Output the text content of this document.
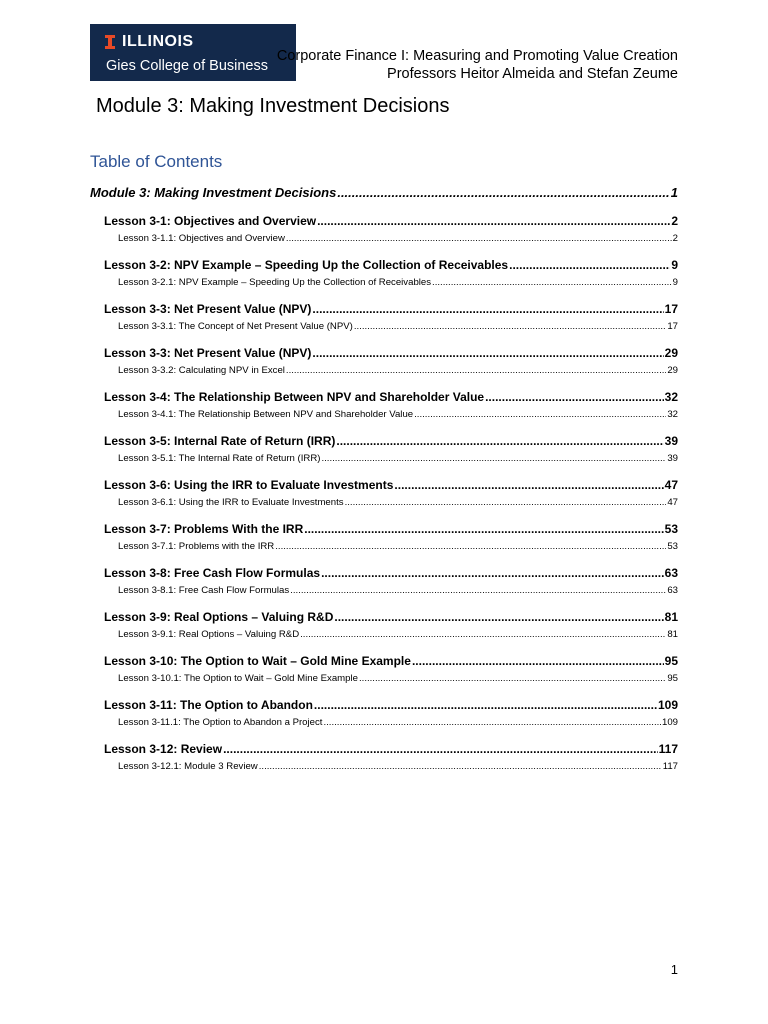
ILLINOIS
Gies College of Business
Corporate Finance I: Measuring and Promoting Value Creation
Professors Heitor Almeida and Stefan Zeume
Module 3: Making Investment Decisions
Table of Contents
Module 3: Making Investment Decisions .....	1
Lesson 3-1: Objectives and Overview .....	2
Lesson 3-1.1: Objectives and Overview .....	2
Lesson 3-2: NPV Example – Speeding Up the Collection of Receivables .....	9
Lesson 3-2.1: NPV Example – Speeding Up the Collection of Receivables .....	9
Lesson 3-3: Net Present Value (NPV) .....	17
Lesson 3-3.1: The Concept of Net Present Value (NPV) .....	17
Lesson 3-3: Net Present Value (NPV) .....	29
Lesson 3-3.2: Calculating NPV in Excel .....	29
Lesson 3-4: The Relationship Between NPV and Shareholder Value .....	32
Lesson 3-4.1: The Relationship Between NPV and Shareholder Value .....	32
Lesson 3-5: Internal Rate of Return (IRR) .....	39
Lesson 3-5.1: The Internal Rate of Return (IRR) .....	39
Lesson 3-6: Using the IRR to Evaluate Investments .....	47
Lesson 3-6.1: Using the IRR to Evaluate Investments .....	47
Lesson 3-7: Problems With the IRR .....	53
Lesson 3-7.1: Problems with the IRR .....	53
Lesson 3-8: Free Cash Flow Formulas .....	63
Lesson 3-8.1: Free Cash Flow Formulas .....	63
Lesson 3-9: Real Options – Valuing R&D .....	81
Lesson 3-9.1: Real Options – Valuing R&D .....	81
Lesson 3-10: The Option to Wait – Gold Mine Example .....	95
Lesson 3-10.1: The Option to Wait – Gold Mine Example .....	95
Lesson 3-11: The Option to Abandon .....	109
Lesson 3-11.1: The Option to Abandon a Project .....	109
Lesson 3-12: Review .....	117
Lesson 3-12.1: Module 3 Review .....	117
1
